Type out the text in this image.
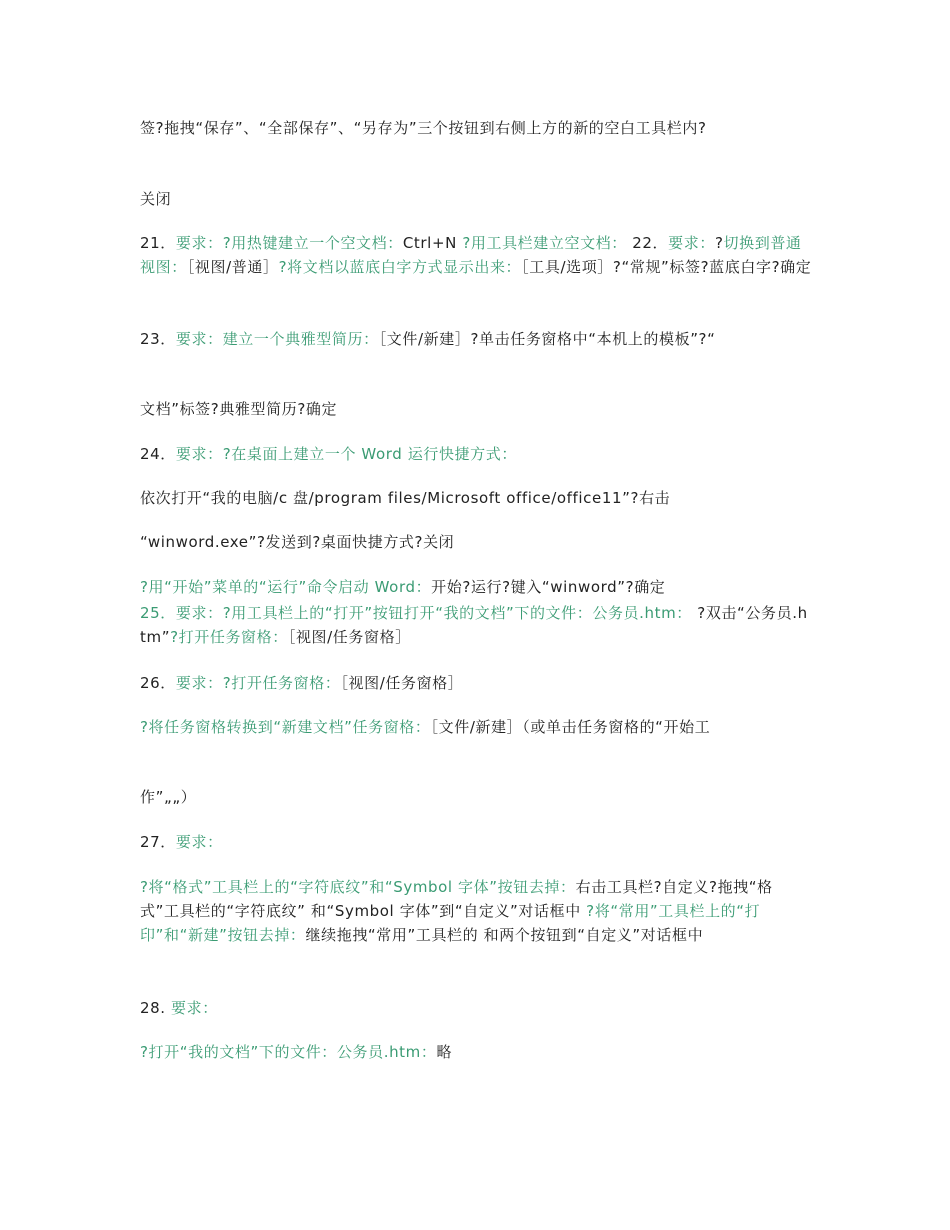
签?拖拽“保存”、“全部保存”、“另存为”三个按钮到右侧上方的新的空白工具栏内?
关闭
21．要求：?用热键建立一个空文档：Ctrl+N ?用工具栏建立空文档： 22．要求：?切换到普通视图：［视图/普通］?将文档以蓝底白字方式显示出来：［工具/选项］?“常规”标签?蓝底白字?确定
23．要求：建立一个典雅型简历：［文件/新建］?单击任务窗格中“本机上的模板”?“
文档”标签?典雅型简历?确定
24．要求：?在桌面上建立一个 Word 运行快捷方式：
依次打开“我的电脑/c 盘/program files/Microsoft office/office11”?右击
“winword.exe”?发送到?桌面快捷方式?关闭
?用“开始”菜单的“运行”命令启动 Word：开始?运行?键入“winword”?确定
25．要求：?用工具栏上的“打开”按钮打开“我的文档”下的文件：公务员.htm： ?双击“公务员.htm”?打开任务窗格：［视图/任务窗格］
26．要求：?打开任务窗格：［视图/任务窗格］
?将任务窗格转换到“新建文档”任务窗格：［文件/新建］（或单击任务窗格的“开始工
作”„„）
27．要求：
?将“格式”工具栏上的“字符底纹”和“Symbol 字体”按钮去掉：右击工具栏?自定义?拖拽“格式”工具栏的“字符底纹” 和“Symbol 字体”到“自定义”对话框中 ?将“常用”工具栏上的“打印”和“新建”按钮去掉：继续拖拽“常用”工具栏的 和两个按钮到“自定义”对话框中
28. 要求：
?打开“我的文档”下的文件：公务员.htm：略
